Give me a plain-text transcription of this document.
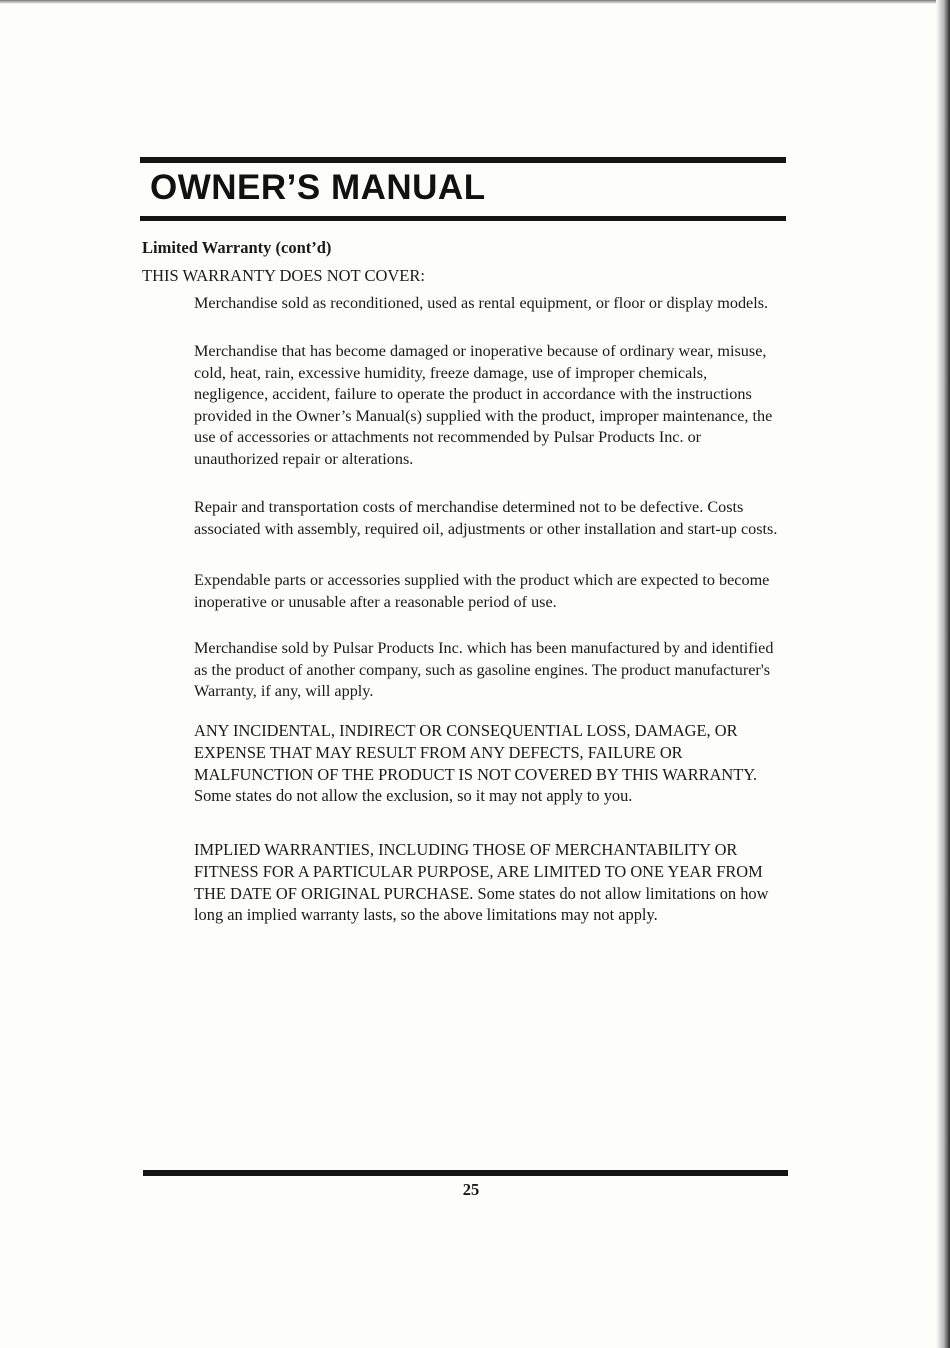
OWNER’S MANUAL
Limited Warranty (cont’d)
THIS WARRANTY DOES NOT COVER:
Merchandise sold as reconditioned, used as rental equipment, or floor or display models.
Merchandise that has become damaged or inoperative because of ordinary wear, misuse, cold, heat, rain, excessive humidity, freeze damage, use of improper chemicals, negligence, accident, failure to operate the product in accordance with the instructions provided in the Owner’s Manual(s) supplied with the product, improper maintenance, the use of accessories or attachments not recommended by Pulsar Products Inc. or unauthorized repair or alterations.
Repair and transportation costs of merchandise determined not to be defective. Costs associated with assembly, required oil, adjustments or other installation and start-up costs.
Expendable parts or accessories supplied with the product which are expected to become inoperative or unusable after a reasonable period of use.
Merchandise sold by Pulsar Products Inc. which has been manufactured by and identified as the product of another company, such as gasoline engines. The product manufacturer's Warranty, if any, will apply.
ANY INCIDENTAL, INDIRECT OR CONSEQUENTIAL LOSS, DAMAGE, OR EXPENSE THAT MAY RESULT FROM ANY DEFECTS, FAILURE OR MALFUNCTION OF THE PRODUCT IS NOT COVERED BY THIS WARRANTY. Some states do not allow the exclusion, so it may not apply to you.
IMPLIED WARRANTIES, INCLUDING THOSE OF MERCHANTABILITY OR FITNESS FOR A PARTICULAR PURPOSE, ARE LIMITED TO ONE YEAR FROM THE DATE OF ORIGINAL PURCHASE. Some states do not allow limitations on how long an implied warranty lasts, so the above limitations may not apply.
25
